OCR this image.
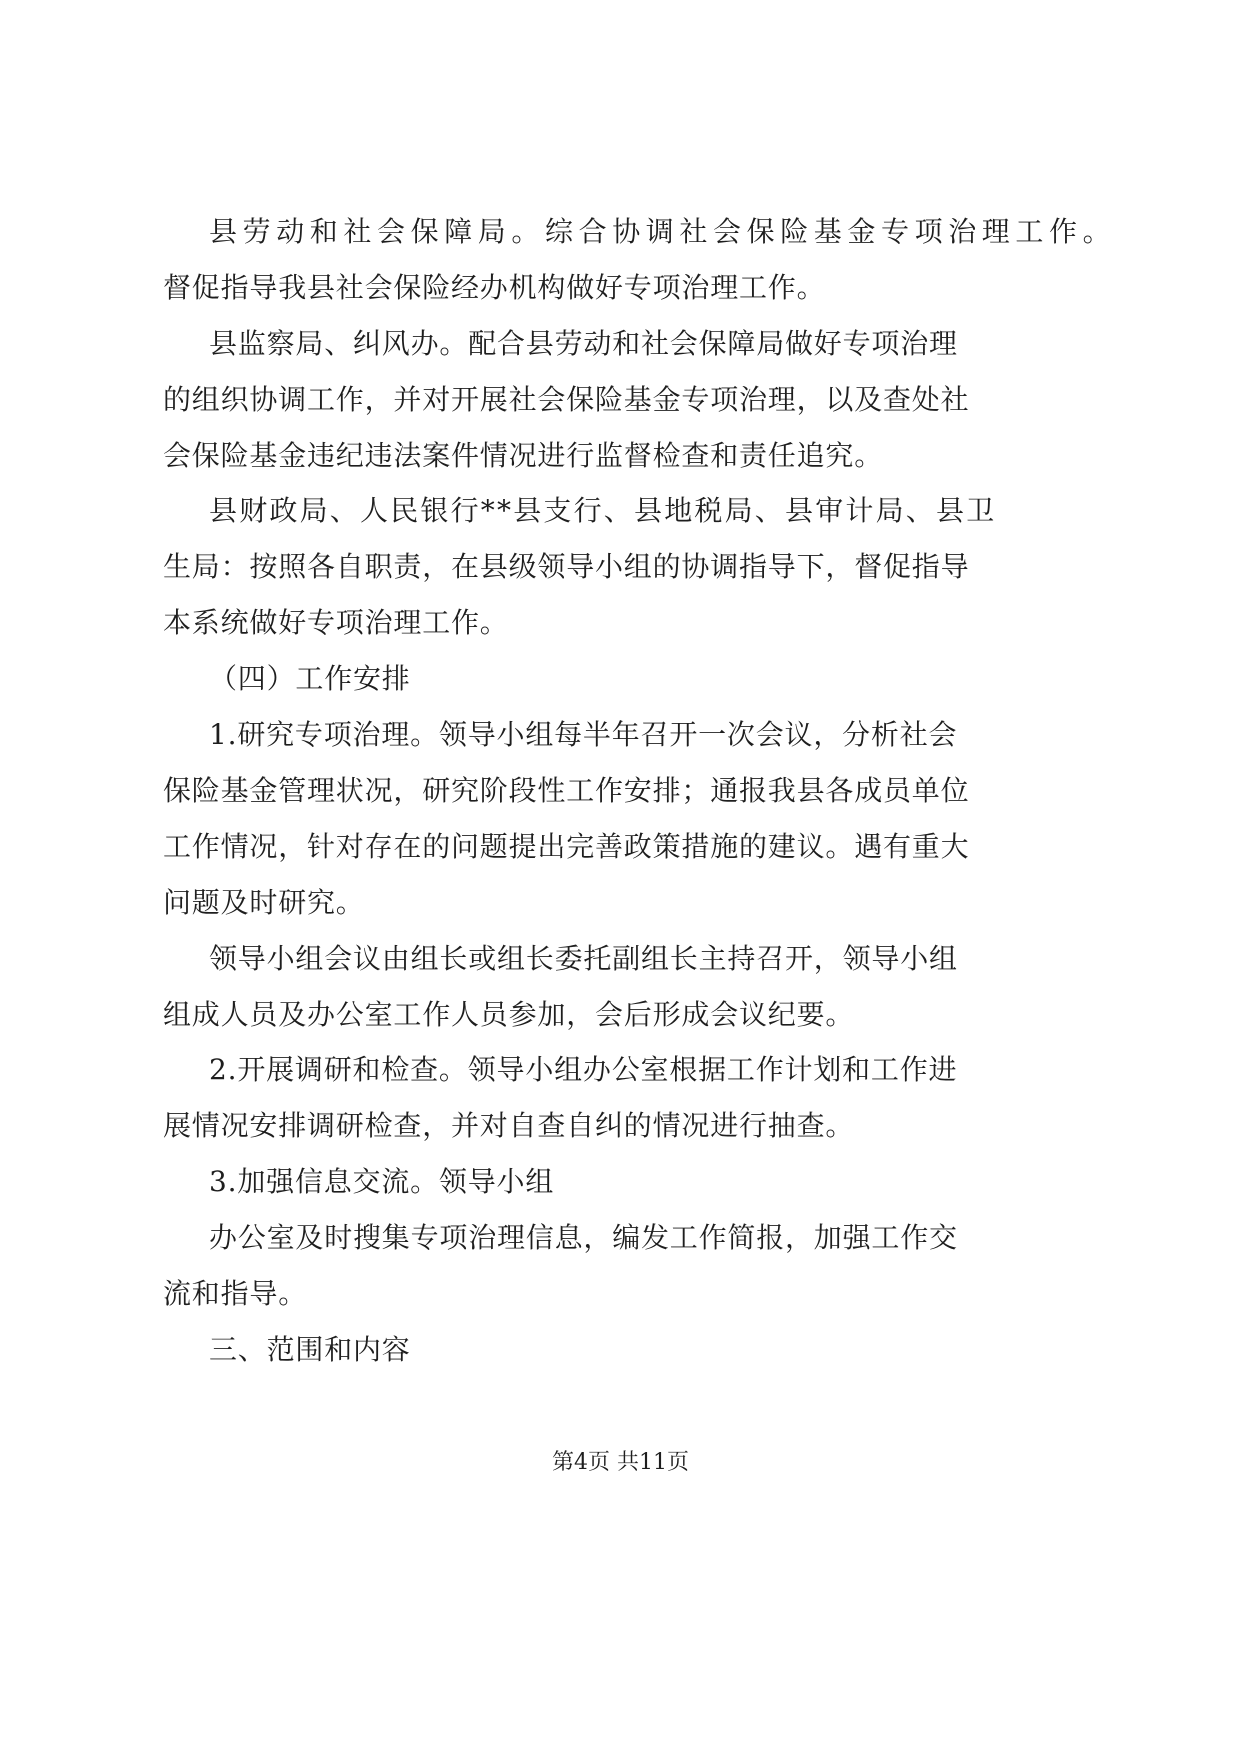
县劳动和社会保障局。综合协调社会保险基金专项治理工作。
督促指导我县社会保险经办机构做好专项治理工作。
县监察局、纠风办。配合县劳动和社会保障局做好专项治理
的组织协调工作，并对开展社会保险基金专项治理，以及查处社
会保险基金违纪违法案件情况进行监督检查和责任追究。
县财政局、人民银行**县支行、县地税局、县审计局、县卫
生局：按照各自职责，在县级领导小组的协调指导下，督促指导
本系统做好专项治理工作。
（四）工作安排
1.研究专项治理。领导小组每半年召开一次会议，分析社会
保险基金管理状况，研究阶段性工作安排；通报我县各成员单位
工作情况，针对存在的问题提出完善政策措施的建议。遇有重大
问题及时研究。
领导小组会议由组长或组长委托副组长主持召开，领导小组
组成人员及办公室工作人员参加，会后形成会议纪要。
2.开展调研和检查。领导小组办公室根据工作计划和工作进
展情况安排调研检查，并对自查自纠的情况进行抽查。
3.加强信息交流。领导小组
办公室及时搜集专项治理信息，编发工作简报，加强工作交
流和指导。
三、范围和内容
第4页 共11页
